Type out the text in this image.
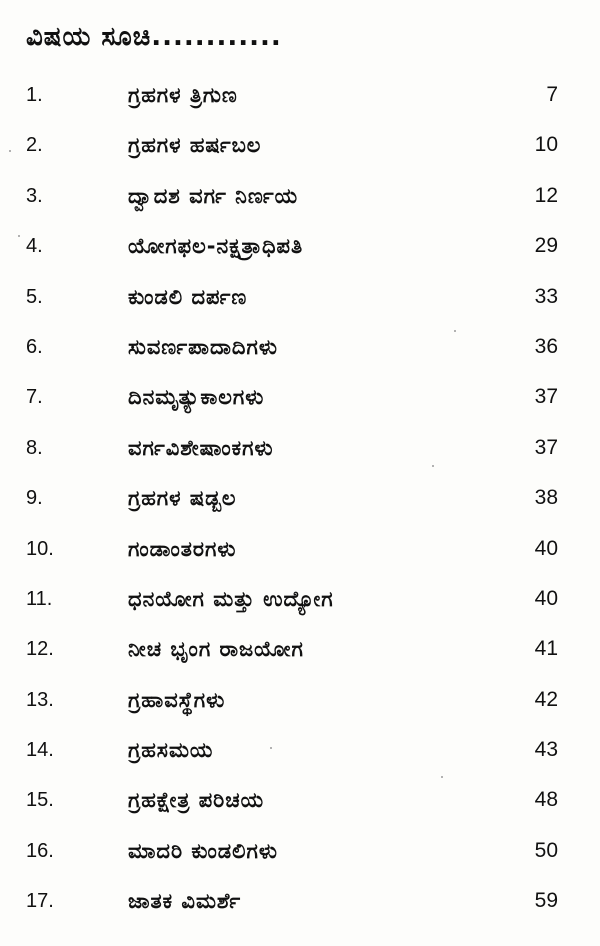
ವಿಷಯ ಸೂಚಿ............
1.	ಗ್ರಹಗಳ ತ್ರಿಗುಣ	7
2.	ಗ್ರಹಗಳ ಹರ್ಷಬಲ	10
3.	ದ್ವಾದಶ ವರ್ಗ ನಿರ್ಣಯ	12
4.	ಯೋಗಫಲ-ನಕ್ಷತ್ರಾಧಿಪತಿ	29
5.	ಕುಂಡಲಿ ದರ್ಪಣ	33
6.	ಸುವರ್ಣಪಾದಾದಿಗಳು	36
7.	ದಿನಮೃತ್ಯುಕಾಲಗಳು	37
8.	ವರ್ಗವಿಶೇಷಾಂಕಗಳು	37
9.	ಗ್ರಹಗಳ ಷಡ್ಬಲ	38
10.	ಗಂಡಾಂತರಗಳು	40
11.	ಧನಯೋಗ ಮತ್ತು ಉದ್ಯೋಗ	40
12.	ನೀಚ ಭೃಂಗ ರಾಜಯೋಗ	41
13.	ಗ್ರಹಾವಸ್ಥೆಗಳು	42
14.	ಗ್ರಹಸಮಯ	43
15.	ಗ್ರಹಕ್ಷೇತ್ರ ಪರಿಚಯ	48
16.	ಮಾದರಿ ಕುಂಡಲಿಗಳು	50
17.	ಜಾತಕ ವಿಮರ್ಶೆ	59
